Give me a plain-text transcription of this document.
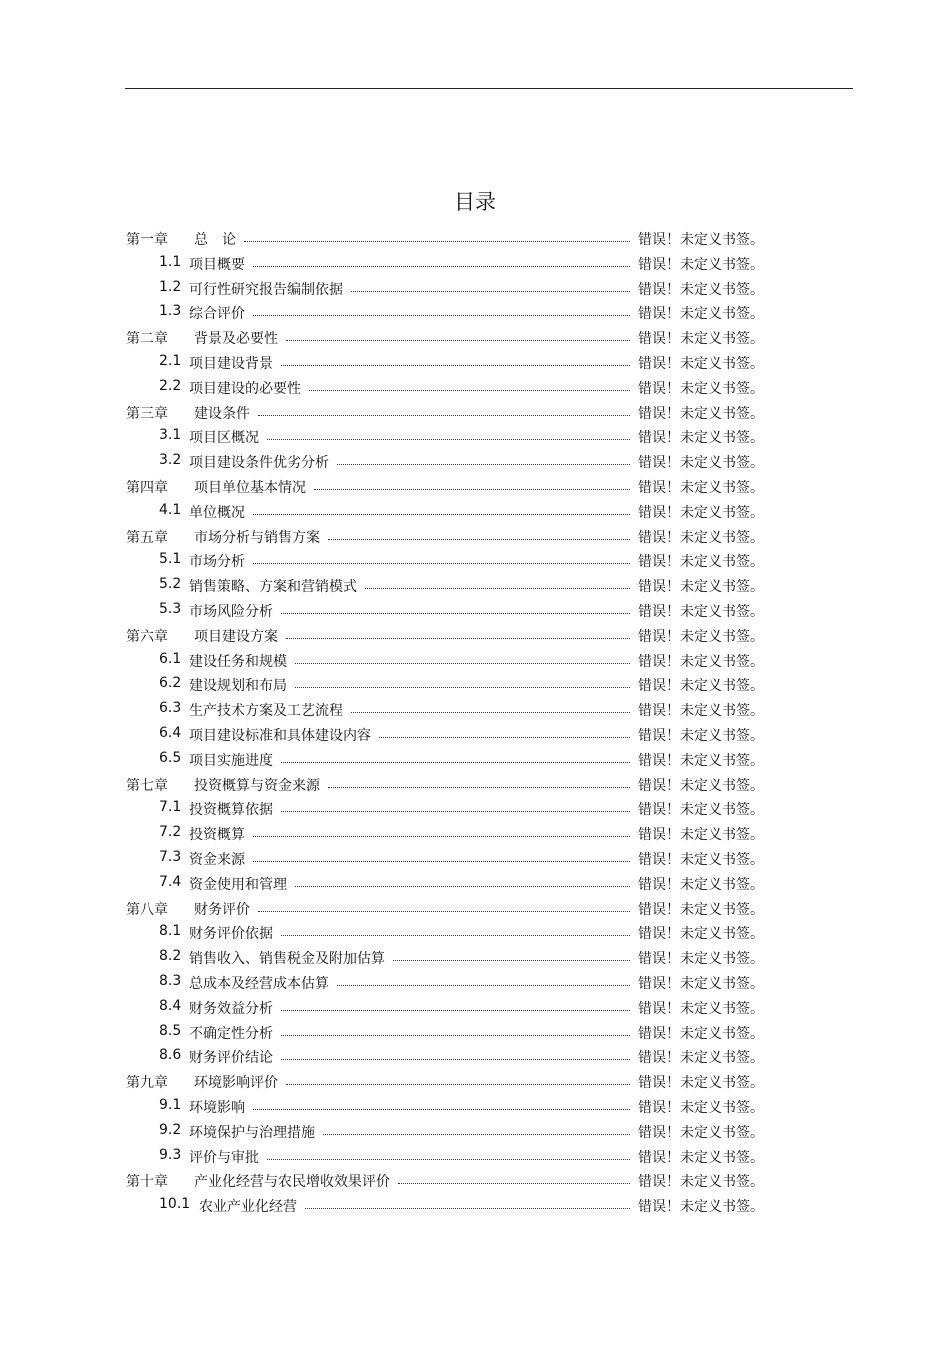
目录
第一章 总　论	错误！未定义书签。
1.1 项目概要	错误！未定义书签。
1.2 可行性研究报告编制依据	错误！未定义书签。
1.3 综合评价	错误！未定义书签。
第二章 背景及必要性	错误！未定义书签。
2.1 项目建设背景	错误！未定义书签。
2.2 项目建设的必要性	错误！未定义书签。
第三章 建设条件	错误！未定义书签。
3.1 项目区概况	错误！未定义书签。
3.2 项目建设条件优劣分析	错误！未定义书签。
第四章 项目单位基本情况	错误！未定义书签。
4.1 单位概况	错误！未定义书签。
第五章 市场分析与销售方案	错误！未定义书签。
5.1 市场分析	错误！未定义书签。
5.2 销售策略、方案和营销模式	错误！未定义书签。
5.3 市场风险分析	错误！未定义书签。
第六章 项目建设方案	错误！未定义书签。
6.1 建设任务和规模	错误！未定义书签。
6.2 建设规划和布局	错误！未定义书签。
6.3 生产技术方案及工艺流程	错误！未定义书签。
6.4 项目建设标准和具体建设内容	错误！未定义书签。
6.5 项目实施进度	错误！未定义书签。
第七章 投资概算与资金来源	错误！未定义书签。
7.1 投资概算依据	错误！未定义书签。
7.2 投资概算	错误！未定义书签。
7.3 资金来源	错误！未定义书签。
7.4 资金使用和管理	错误！未定义书签。
第八章 财务评价	错误！未定义书签。
8.1 财务评价依据	错误！未定义书签。
8.2 销售收入、销售税金及附加估算	错误！未定义书签。
8.3 总成本及经营成本估算	错误！未定义书签。
8.4 财务效益分析	错误！未定义书签。
8.5 不确定性分析	错误！未定义书签。
8.6 财务评价结论	错误！未定义书签。
第九章 环境影响评价	错误！未定义书签。
9.1 环境影响	错误！未定义书签。
9.2 环境保护与治理措施	错误！未定义书签。
9.3 评价与审批	错误！未定义书签。
第十章 产业化经营与农民增收效果评价	错误！未定义书签。
10.1 农业产业化经营	错误！未定义书签。
